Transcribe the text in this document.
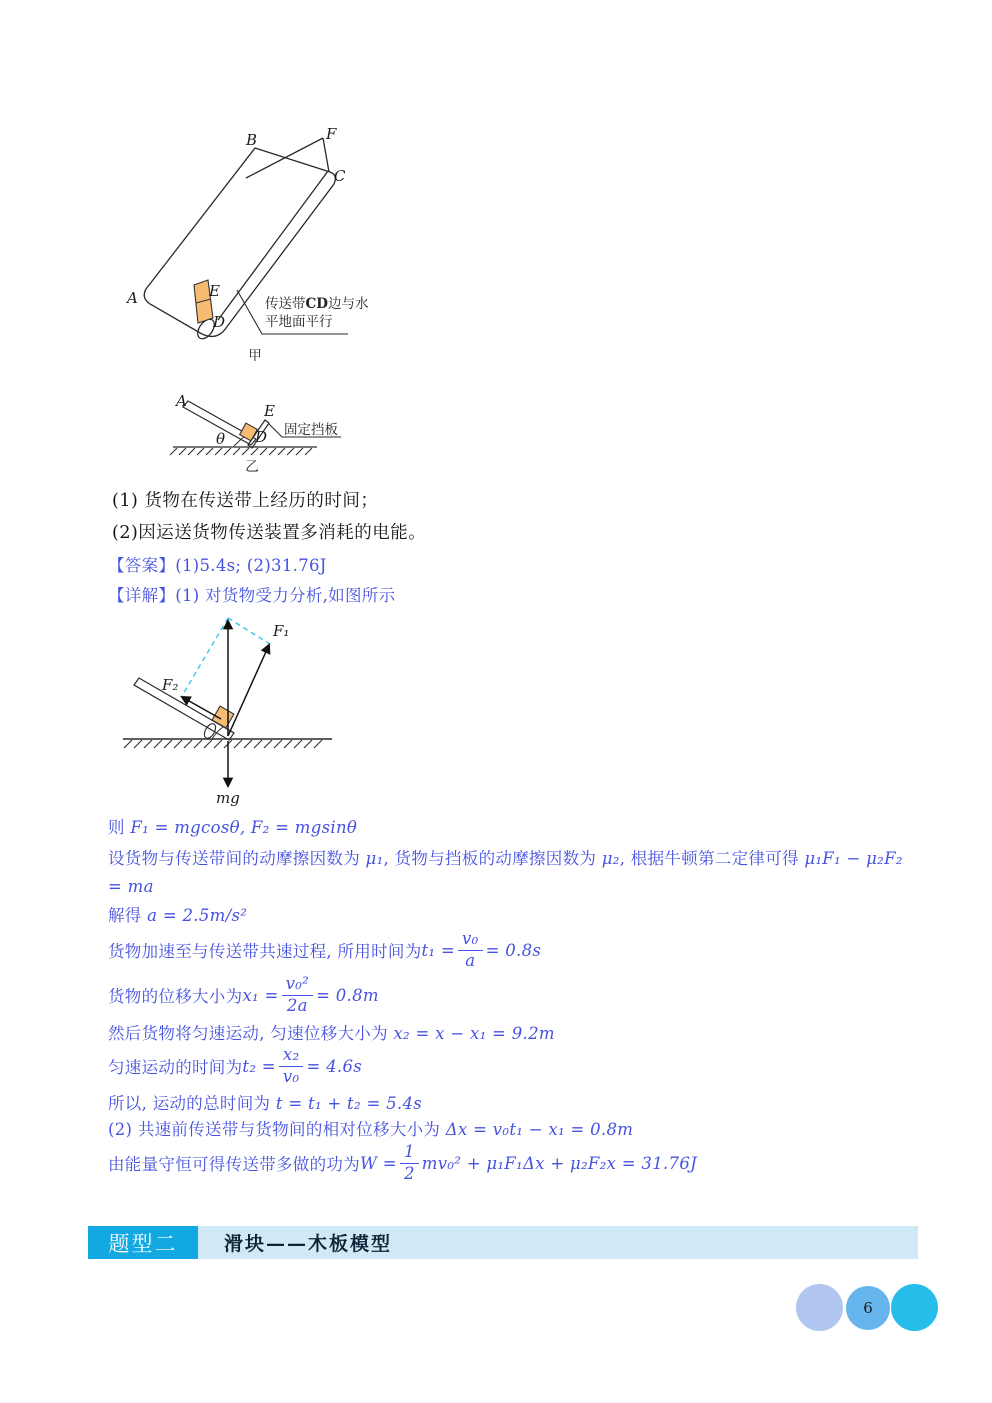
A
B
C
D
E
F
传送带CD边与水
平地面平行
甲
A
E
D
θ	固定挡板
乙
(1) 货物在传送带上经历的时间；
(2)因运送货物传送装置多消耗的电能。
【答案】(1)5.4s; (2)31.76J
【详解】(1) 对货物受力分析,如图所示
F₁
F₂
mg
则 F₁ = mgcosθ, F₂ = mgsinθ
设货物与传送带间的动摩擦因数为 μ₁, 货物与挡板的动摩擦因数为 μ₂, 根据牛顿第二定律可得 μ₁F₁ − μ₂F₂
= ma
解得 a = 2.5m/s²
货物加速至与传送带共速过程, 所用时间为 $t_1 = \frac{\text{v₀}}{a} = 0.8s$
货物的位移大小为 $x_1 = \frac{\text{v₀²}}{2a} = 0.8m$
然后货物将匀速运动, 匀速位移大小为 x₂ = x − x₁ = 9.2m
匀速运动的时间为 $t_2 = \frac{\text{x₂}}{\text{v₀}} = 4.6s$
所以, 运动的总时间为 t = t₁ + t₂ = 5.4s
(2) 共速前传送带与货物间的相对位移大小为 Δx = v₀t₁ − x₁ = 0.8m
由能量守恒可得传送带多做的功为 $W = \frac{1}{2} mv_0^2 + \mu_1F_1\Delta x + \mu_2F_2x = 31.76J$
题型二	滑块——木板模型
6
